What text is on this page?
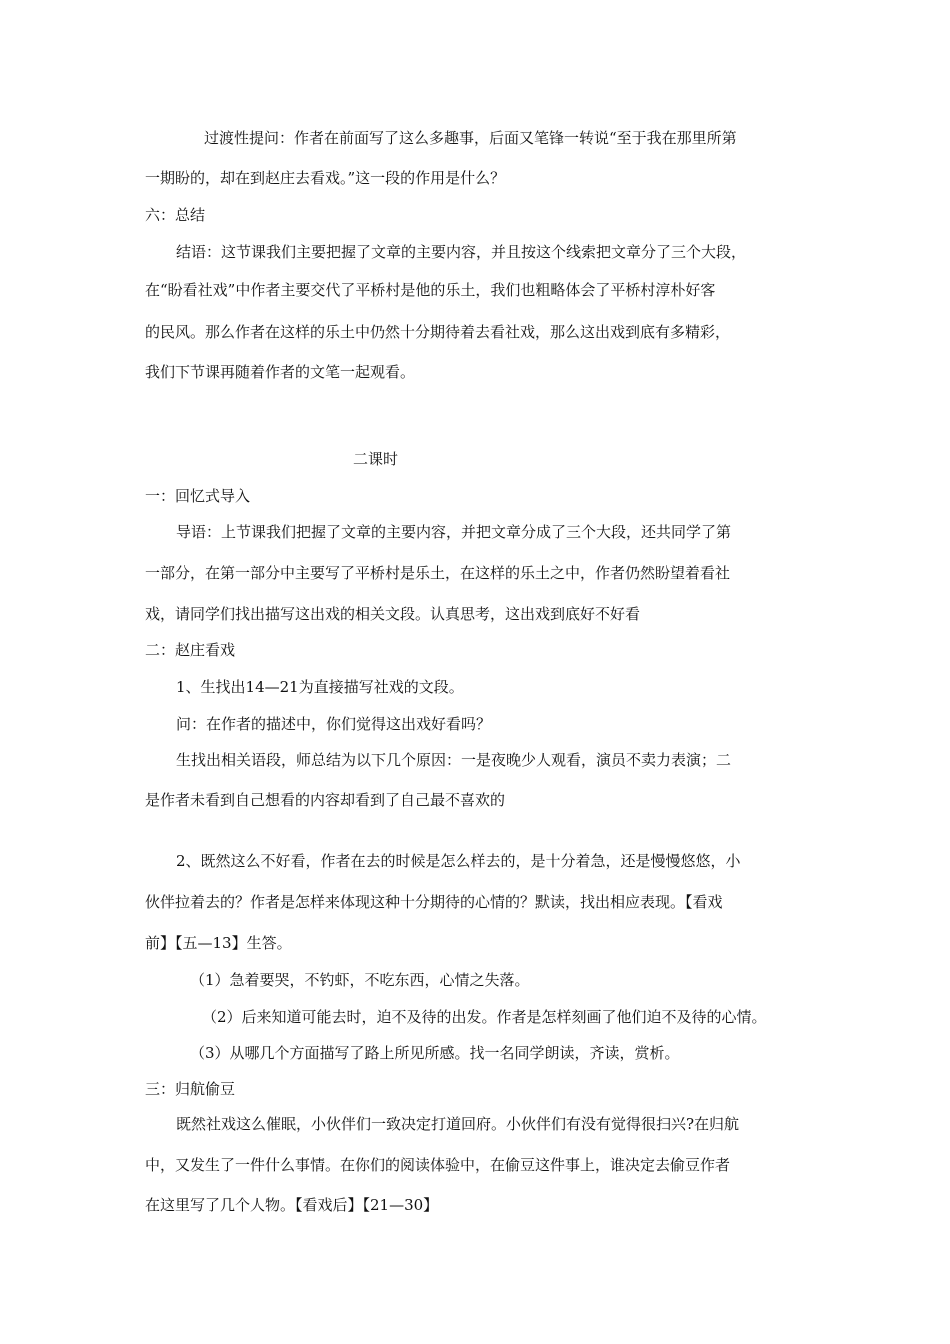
过渡性提问：作者在前面写了这么多趣事，后面又笔锋一转说“至于我在那里所第
一期盼的，却在到赵庄去看戏。”这一段的作用是什么？
六：总结
结语：这节课我们主要把握了文章的主要内容，并且按这个线索把文章分了三个大段，
在“盼看社戏”中作者主要交代了平桥村是他的乐土，我们也粗略体会了平桥村淳朴好客
的民风。那么作者在这样的乐土中仍然十分期待着去看社戏，那么这出戏到底有多精彩，
我们下节课再随着作者的文笔一起观看。
二课时
一：回忆式导入
导语：上节课我们把握了文章的主要内容，并把文章分成了三个大段，还共同学了第
一部分，在第一部分中主要写了平桥村是乐土，在这样的乐土之中，作者仍然盼望着看社
戏，请同学们找出描写这出戏的相关文段。认真思考，这出戏到底好不好看
二：赵庄看戏
1、生找出14—21为直接描写社戏的文段。
问：在作者的描述中，你们觉得这出戏好看吗？
生找出相关语段，师总结为以下几个原因：一是夜晚少人观看，演员不卖力表演；二
是作者未看到自己想看的内容却看到了自己最不喜欢的
2、既然这么不好看，作者在去的时候是怎么样去的，是十分着急，还是慢慢悠悠，小
伙伴拉着去的？作者是怎样来体现这种十分期待的心情的？默读，找出相应表现。【看戏
前】【五—13】生答。
（1）急着要哭，不钓虾，不吃东西，心情之失落。
（2）后来知道可能去时，迫不及待的出发。作者是怎样刻画了他们迫不及待的心情。
（3）从哪几个方面描写了路上所见所感。找一名同学朗读，齐读，赏析。
三：归航偷豆
既然社戏这么催眠，小伙伴们一致决定打道回府。小伙伴们有没有觉得很扫兴?在归航
中，又发生了一件什么事情。在你们的阅读体验中，在偷豆这件事上，谁决定去偷豆作者
在这里写了几个人物。【看戏后】【21—30】
